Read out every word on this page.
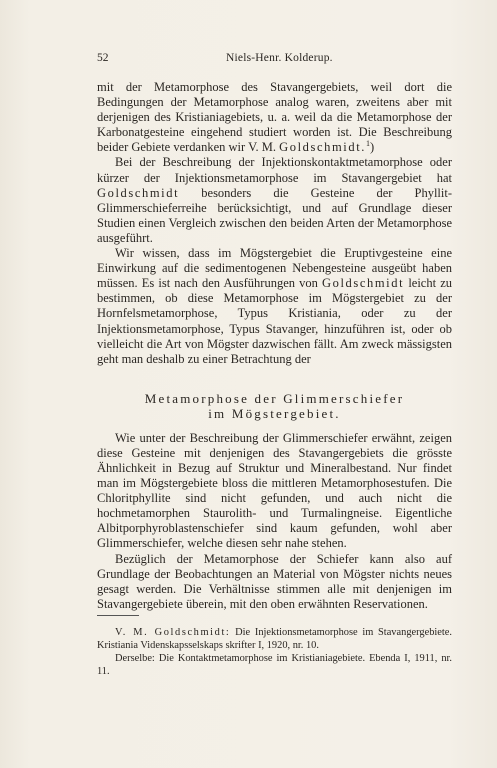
52	Niels-Henr. Kolderup.

mit der Metamorphose des Stavangergebiets, weil dort die Bedingungen der Metamorphose analog waren, zweitens aber mit derjenigen des Kristianiagebiets, u. a. weil da die Metamorphose der Karbonatgesteine eingehend studiert worden ist. Die Beschreibung beider Gebiete verdanken wir V. M. Goldschmidt.$^1$)

Bei der Beschreibung der Injektionskontaktmetamorphose oder kürzer der Injektionsmetamorphose im Stavangergebiet hat Goldschmidt besonders die Gesteine der Phyllit-Glimmerschieferreihe berücksichtigt, und auf Grundlage dieser Studien einen Vergleich zwischen den beiden Arten der Metamorphose ausgeführt.

Wir wissen, dass im Mögstergebiet die Eruptivgesteine eine Einwirkung auf die sedimentogenen Nebengesteine ausgeübt haben müssen. Es ist nach den Ausführungen von Goldschmidt leicht zu bestimmen, ob diese Metamorphose im Mögstergebiet zu der Hornfelsmetamorphose, Typus Kristiania, oder zu der Injektionsmetamorphose, Typus Stavanger, hinzuführen ist, oder ob vielleicht die Art von Mögster dazwischen fällt. Am zweck mässigsten geht man deshalb zu einer Betrachtung der

Metamorphose der Glimmerschiefer
im Mögstergebiet.

Wie unter der Beschreibung der Glimmerschiefer erwähnt, zeigen diese Gesteine mit denjenigen des Stavangergebiets die grösste Ähnlichkeit in Bezug auf Struktur und Mineralbestand. Nur findet man im Mögstergebiete bloss die mittleren Metamorphosestufen. Die Chloritphyllite sind nicht gefunden, und auch nicht die hochmetamorphen Staurolith- und Turmalingneise. Eigentliche Albitporphyroblastenschiefer sind kaum gefunden, wohl aber Glimmerschiefer, welche diesen sehr nahe stehen.

Bezüglich der Metamorphose der Schiefer kann also auf Grundlage der Beobachtungen an Material von Mögster nichts neues gesagt werden. Die Verhältnisse stimmen alle mit denjenigen im Stavangergebiete überein, mit den oben erwähnten Reservationen.

V. M. Goldschmidt: Die Injektionsmetamorphose im Stavangergebiete. Kristiania Videnskapsselskaps skrifter I, 1920, nr. 10.

Derselbe: Die Kontaktmetamorphose im Kristianiagebiete. Ebenda I, 1911, nr. 11.
